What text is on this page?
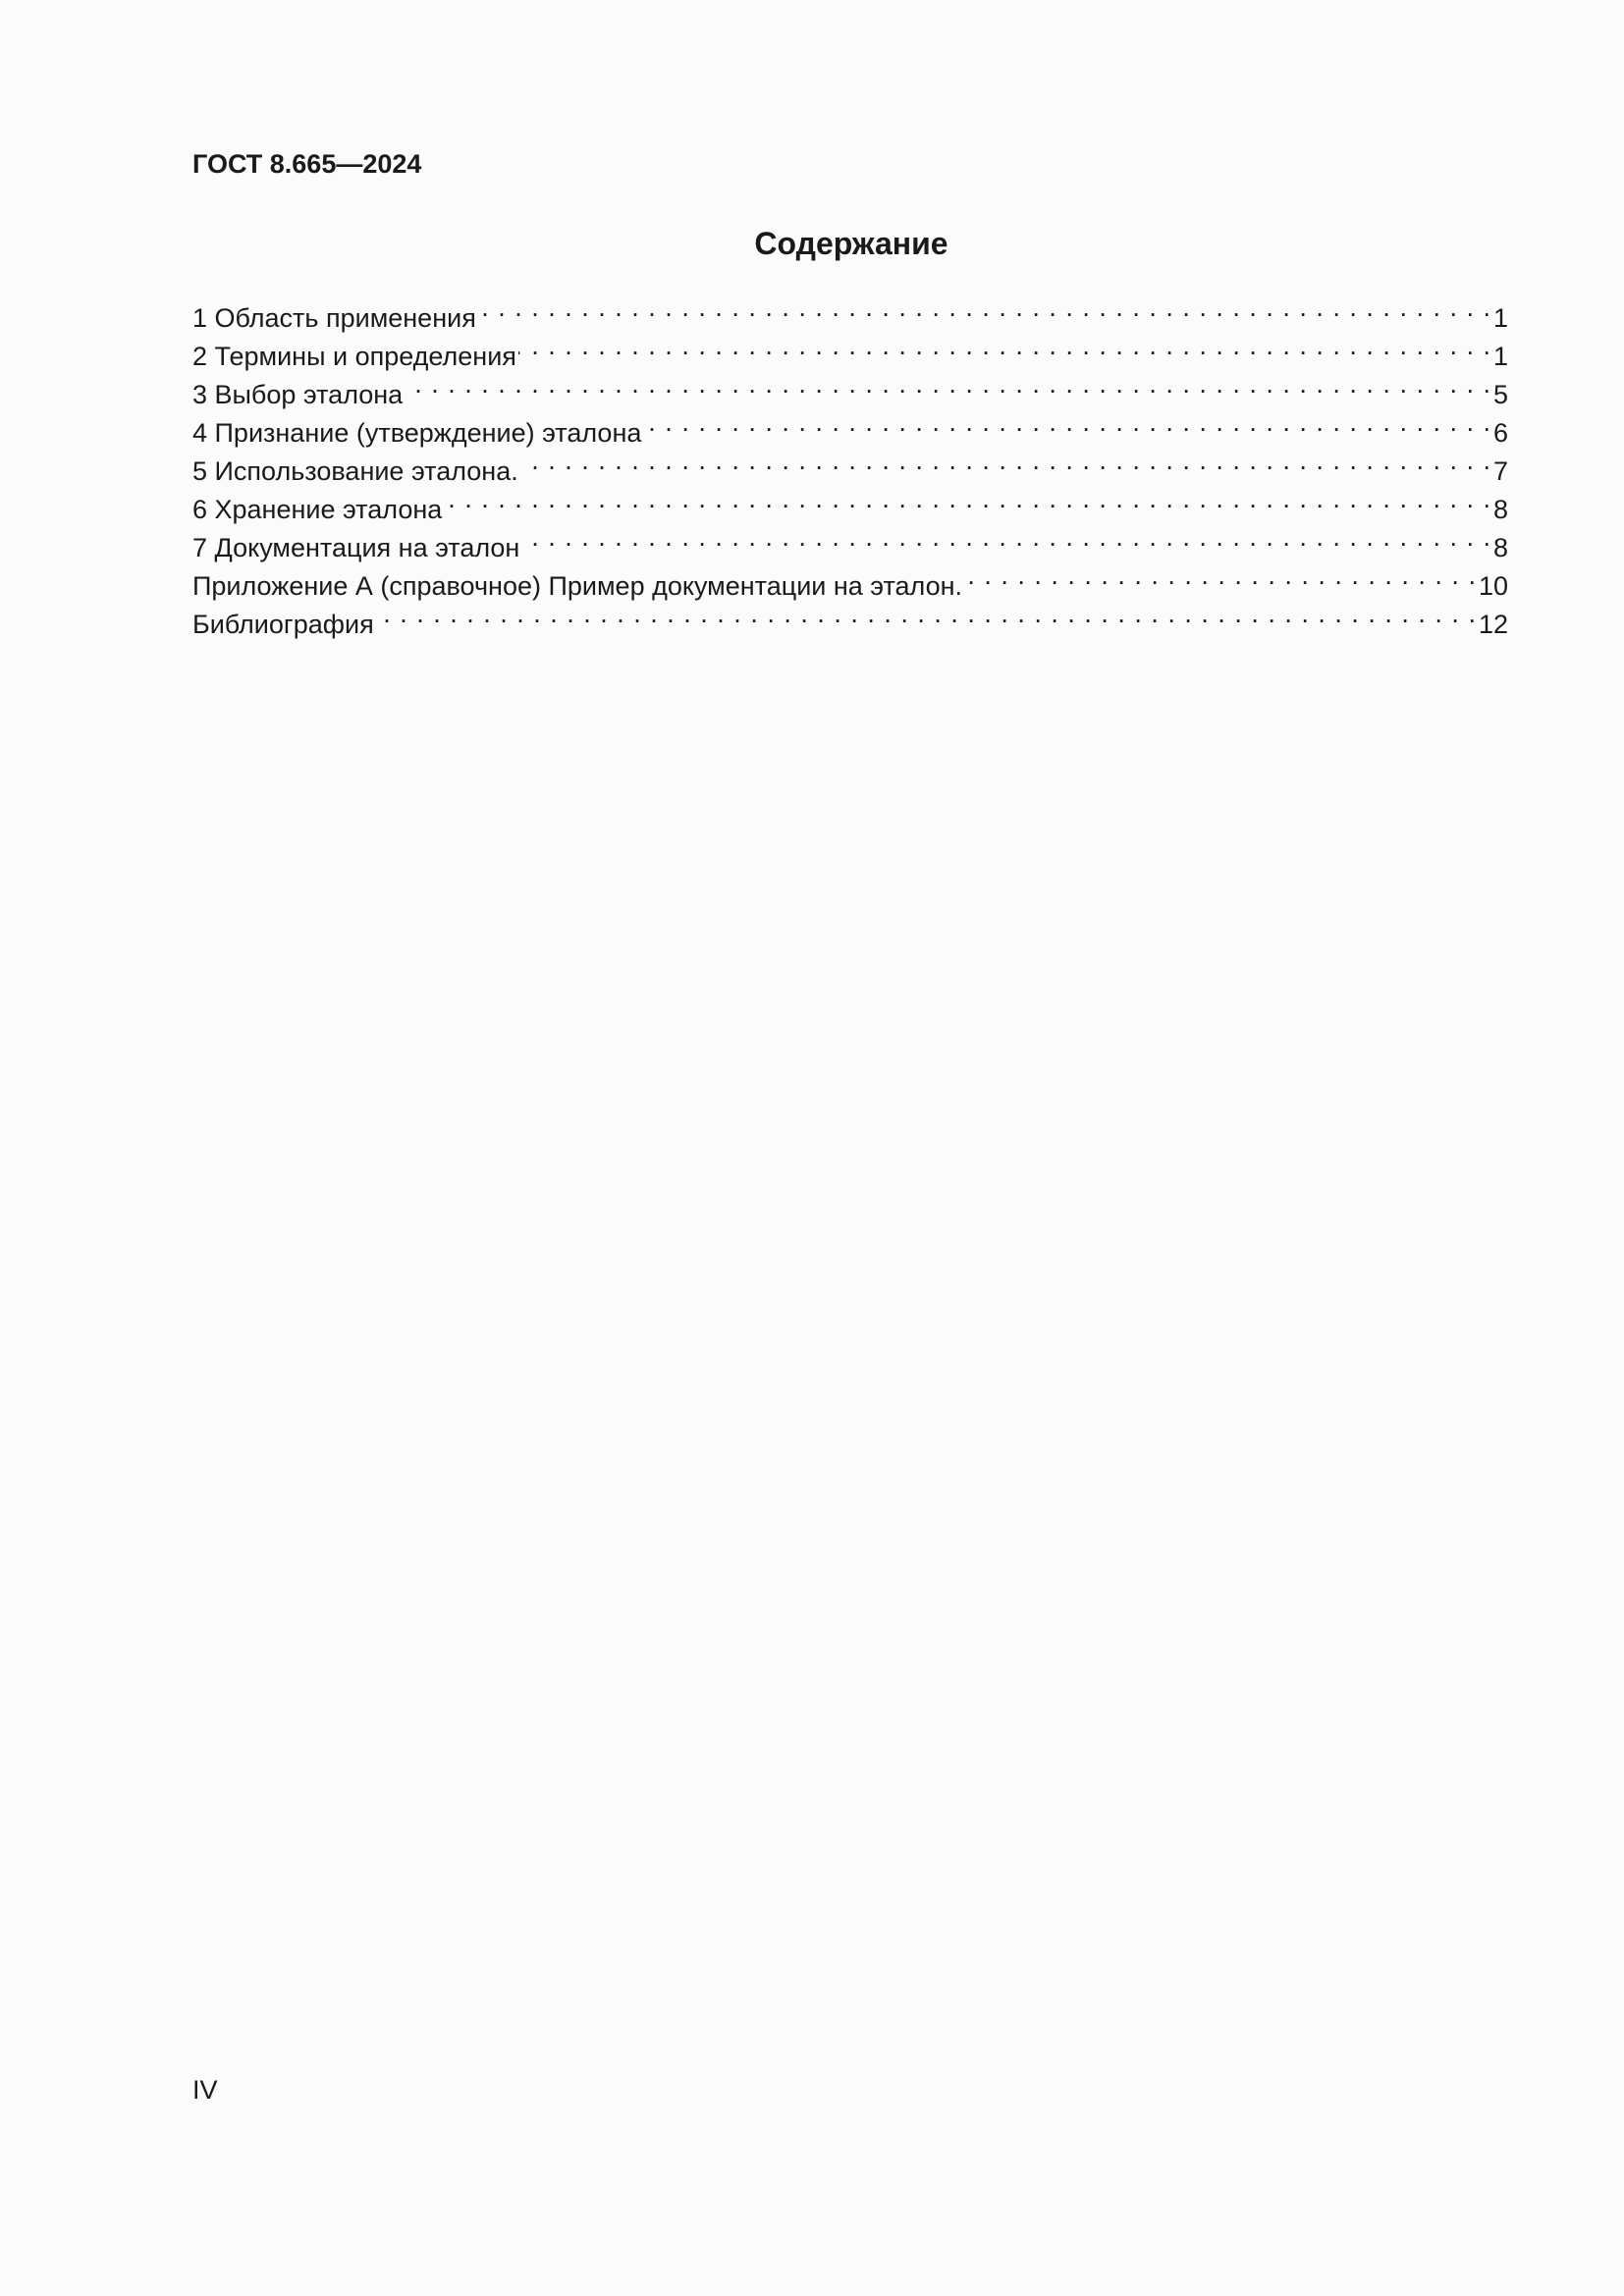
ГОСТ 8.665—2024
Содержание
1 Область применения . . .	1
2 Термины и определения . . .	1
3 Выбор эталона . . .	5
4 Признание (утверждение) эталона . . .	6
5 Использование эталона. . . .	7
6 Хранение эталона . . .	8
7 Документация на эталон . . .	8
Приложение А (справочное) Пример документации на эталон. . . .	10
Библиография . . .	12
IV
